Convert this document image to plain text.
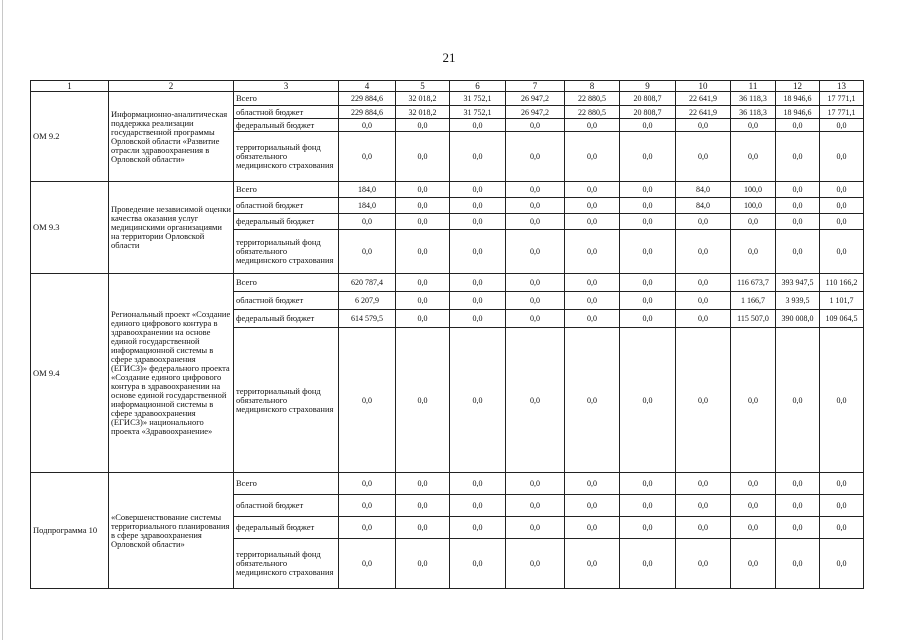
21
1	2	3	4	5	6	7	8	9	10	11	12	13
ОМ 9.2	Информационно-аналитическая поддержка реализации государственной программы Орловской области «Развитие отрасли здравоохранения в Орловской области»	Всего	229 884,6	32 018,2	31 752,1	26 947,2	22 880,5	20 808,7	22 641,9	36 118,3	18 946,6	17 771,1
		областной бюджет	229 884,6	32 018,2	31 752,1	26 947,2	22 880,5	20 808,7	22 641,9	36 118,3	18 946,6	17 771,1
		федеральный бюджет	0,0	0,0	0,0	0,0	0,0	0,0	0,0	0,0	0,0	0,0
		территориальный фонд обязательного медицинского страхования	0,0	0,0	0,0	0,0	0,0	0,0	0,0	0,0	0,0	0,0
ОМ 9.3	Проведение независимой оценки качества оказания услуг медицинскими организациями на территории Орловской области	Всего	184,0	0,0	0,0	0,0	0,0	0,0	84,0	100,0	0,0	0,0
		областной бюджет	184,0	0,0	0,0	0,0	0,0	0,0	84,0	100,0	0,0	0,0
		федеральный бюджет	0,0	0,0	0,0	0,0	0,0	0,0	0,0	0,0	0,0	0,0
		территориальный фонд обязательного медицинского страхования	0,0	0,0	0,0	0,0	0,0	0,0	0,0	0,0	0,0	0,0
ОМ 9.4	Региональный проект «Создание единого цифрового контура в здравоохранении на основе единой государственной информационной системы в сфере здравоохранения (ЕГИСЗ)» федерального проекта «Создание единого цифрового контура в здравоохранении на основе единой государственной информационной системы в сфере здравоохранения (ЕГИСЗ)» национального проекта «Здравоохранение»	Всего	620 787,4	0,0	0,0	0,0	0,0	0,0	0,0	116 673,7	393 947,5	110 166,2
		областной бюджет	6 207,9	0,0	0,0	0,0	0,0	0,0	0,0	1 166,7	3 939,5	1 101,7
		федеральный бюджет	614 579,5	0,0	0,0	0,0	0,0	0,0	0,0	115 507,0	390 008,0	109 064,5
		территориальный фонд обязательного медицинского страхования	0,0	0,0	0,0	0,0	0,0	0,0	0,0	0,0	0,0	0,0
Подпрограмма 10	«Совершенствование системы территориального планирования в сфере здравоохранения Орловской области»	Всего	0,0	0,0	0,0	0,0	0,0	0,0	0,0	0,0	0,0	0,0
		областной бюджет	0,0	0,0	0,0	0,0	0,0	0,0	0,0	0,0	0,0	0,0
		федеральный бюджет	0,0	0,0	0,0	0,0	0,0	0,0	0,0	0,0	0,0	0,0
		территориальный фонд обязательного медицинского страхования	0,0	0,0	0,0	0,0	0,0	0,0	0,0	0,0	0,0	0,0
